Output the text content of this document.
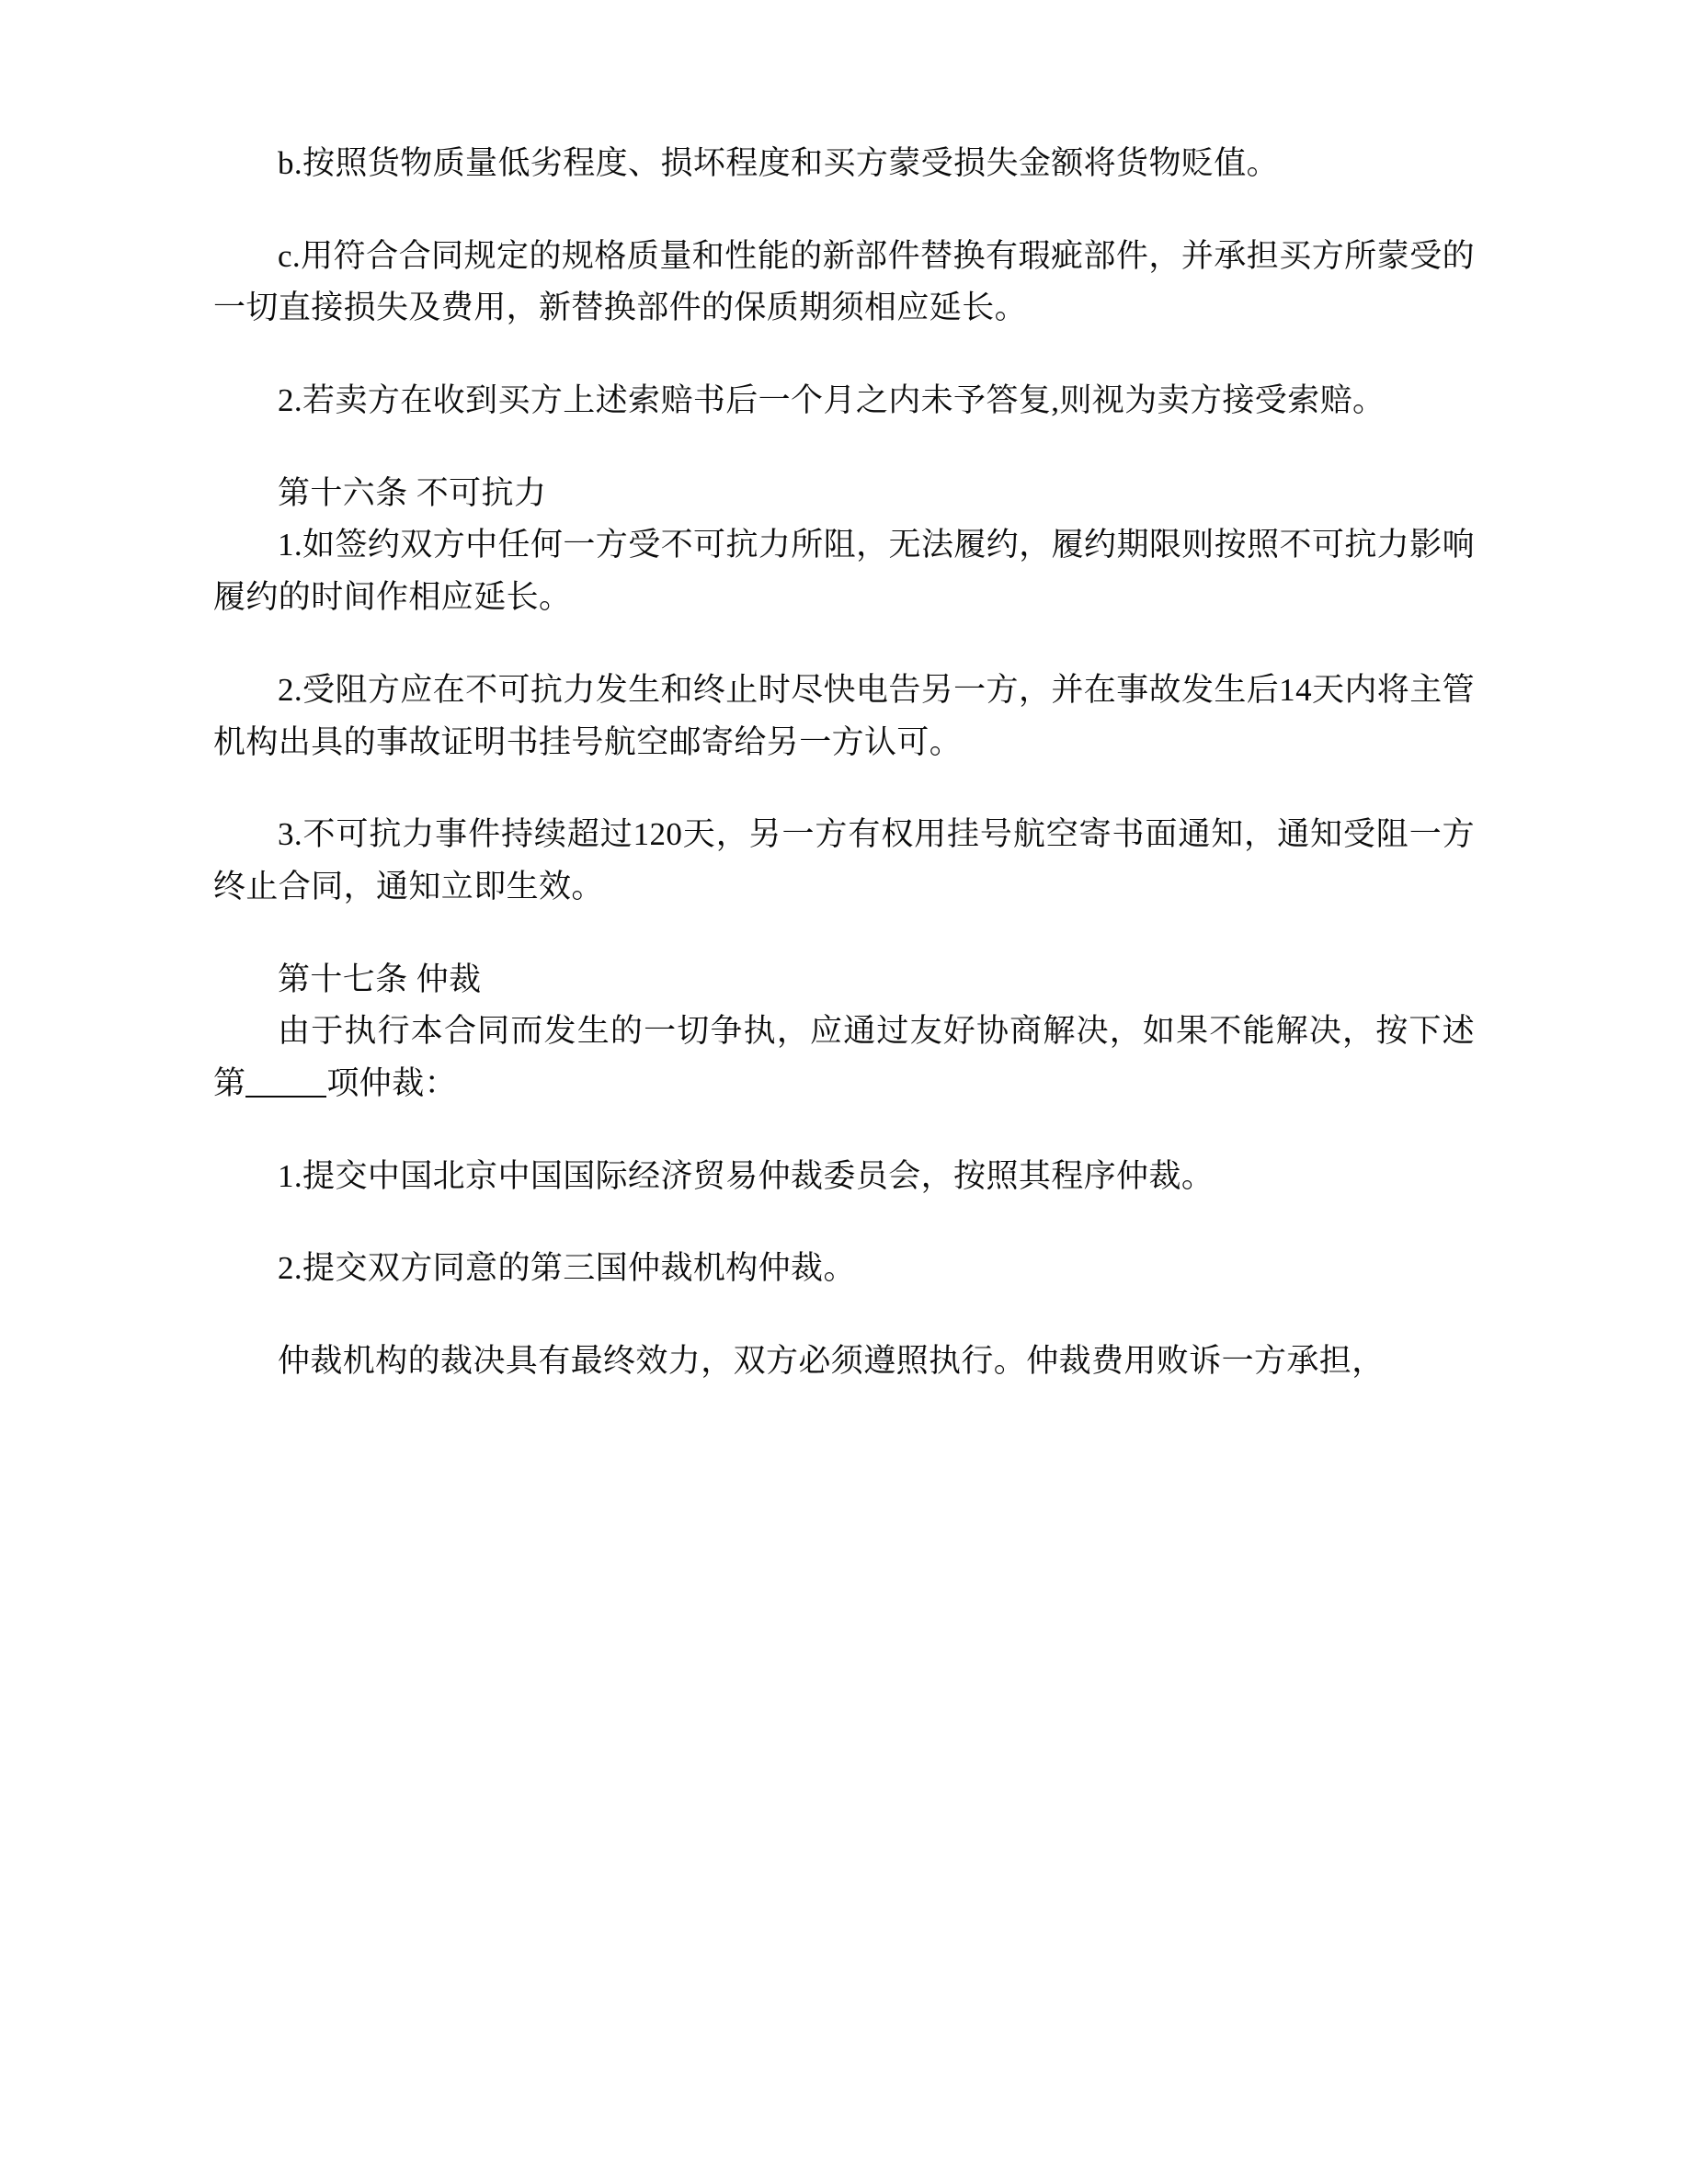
b.按照货物质量低劣程度、损坏程度和买方蒙受损失金额将货物贬值。

c.用符合合同规定的规格质量和性能的新部件替换有瑕疵部件，并承担买方所蒙受的一切直接损失及费用，新替换部件的保质期须相应延长。

2.若卖方在收到买方上述索赔书后一个月之内未予答复,则视为卖方接受索赔。

第十六条 不可抗力

1.如签约双方中任何一方受不可抗力所阻，无法履约，履约期限则按照不可抗力影响履约的时间作相应延长。

2.受阻方应在不可抗力发生和终止时尽快电告另一方，并在事故发生后14天内将主管机构出具的事故证明书挂号航空邮寄给另一方认可。

3.不可抗力事件持续超过120天，另一方有权用挂号航空寄书面通知，通知受阻一方终止合同，通知立即生效。

第十七条 仲裁

由于执行本合同而发生的一切争执，应通过友好协商解决，如果不能解决，按下述第	项仲裁：

1.提交中国北京中国国际经济贸易仲裁委员会，按照其程序仲裁。

2.提交双方同意的第三国仲裁机构仲裁。

仲裁机构的裁决具有最终效力，双方必须遵照执行。仲裁费用败诉一方承担，
